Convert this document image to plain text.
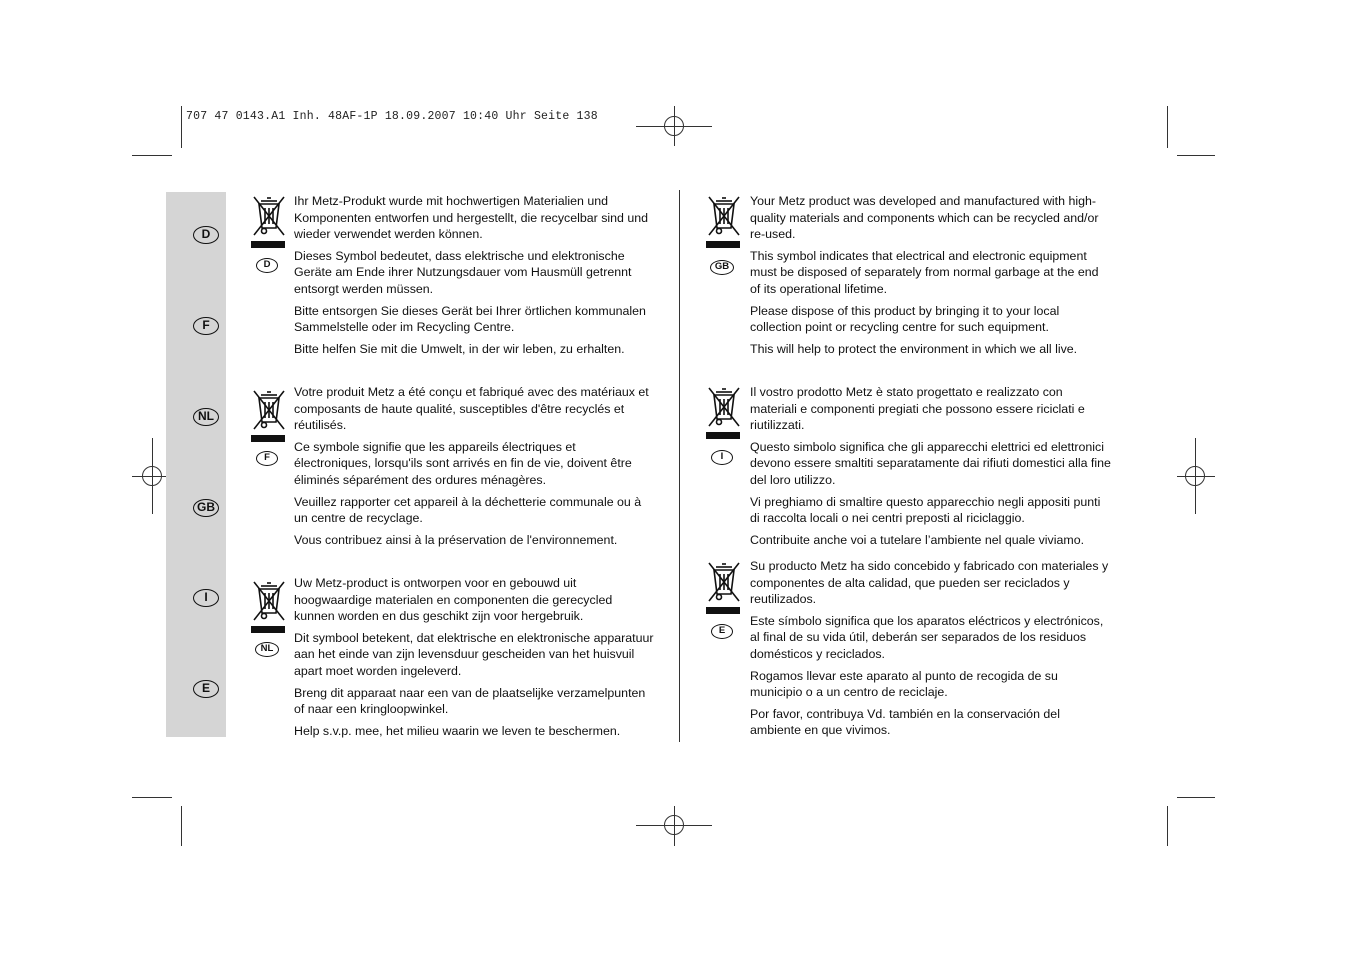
707 47 0143.A1 Inh. 48AF-1P 18.09.2007 10:40 Uhr Seite 138
D
F
NL
GB
I
E
D

Ihr Metz-Produkt wurde mit hochwertigen Materialien und Komponenten entworfen und hergestellt, die recycelbar sind und wieder verwendet werden können.

Dieses Symbol bedeutet, dass elektrische und elektronische Geräte am Ende ihrer Nutzungsdauer vom Hausmüll getrennt entsorgt werden müssen.

Bitte entsorgen Sie dieses Gerät bei Ihrer örtlichen kommunalen Sammelstelle oder im Recycling Centre.

Bitte helfen Sie mit die Umwelt, in der wir leben, zu erhalten.

F

Votre produit Metz a été conçu et fabriqué avec des matériaux et composants de haute qualité, susceptibles d'être recyclés et réutilisés.

Ce symbole signifie que les appareils électriques et électroniques, lorsqu'ils sont arrivés en fin de vie, doivent être éliminés séparément des ordures ménagères.

Veuillez rapporter cet appareil à la déchetterie communale ou à un centre de recyclage.

Vous contribuez ainsi à la préservation de l'environnement.

NL

Uw Metz-product is ontworpen voor en gebouwd uit hoogwaardige materialen en componenten die gerecycled kunnen worden en dus geschikt zijn voor hergebruik.

Dit symbool betekent, dat elektrische en elektronische apparatuur aan het einde van zijn levensduur gescheiden van het huisvuil apart moet worden ingeleverd.

Breng dit apparaat naar een van de plaatselijke verzamelpunten of naar een kringloopwinkel.

Help s.v.p. mee, het milieu waarin we leven te beschermen.

GB

Your Metz product was developed and manufactured with high-quality materials and components which can be recycled and/or re-used.

This symbol indicates that electrical and electronic equipment must be disposed of separately from normal garbage at the end of its operational lifetime.

Please dispose of this product by bringing it to your local collection point or recycling centre for such equipment.

This will help to protect the environment in which we all live.

I

Il vostro prodotto Metz è stato progettato e realizzato con materiali e componenti pregiati che possono essere riciclati e riutilizzati.

Questo simbolo significa che gli apparecchi elettrici ed elettronici devono essere smaltiti separatamente dai rifiuti domestici alla fine del loro utilizzo.

Vi preghiamo di smaltire questo apparecchio negli appositi punti di raccolta locali o nei centri preposti al riciclaggio.

Contribuite anche voi a tutelare l’ambiente nel quale viviamo.

E

Su producto Metz ha sido concebido y fabricado con materiales y componentes de alta calidad, que pueden ser reciclados y reutilizados.

Este símbolo significa que los aparatos eléctricos y electrónicos, al final de su vida útil, deberán ser separados de los residuos domésticos y reciclados.

Rogamos llevar este aparato al punto de recogida de su municipio o a un centro de reciclaje.

Por favor, contribuya Vd. también en la conservación del ambiente en que vivimos.
